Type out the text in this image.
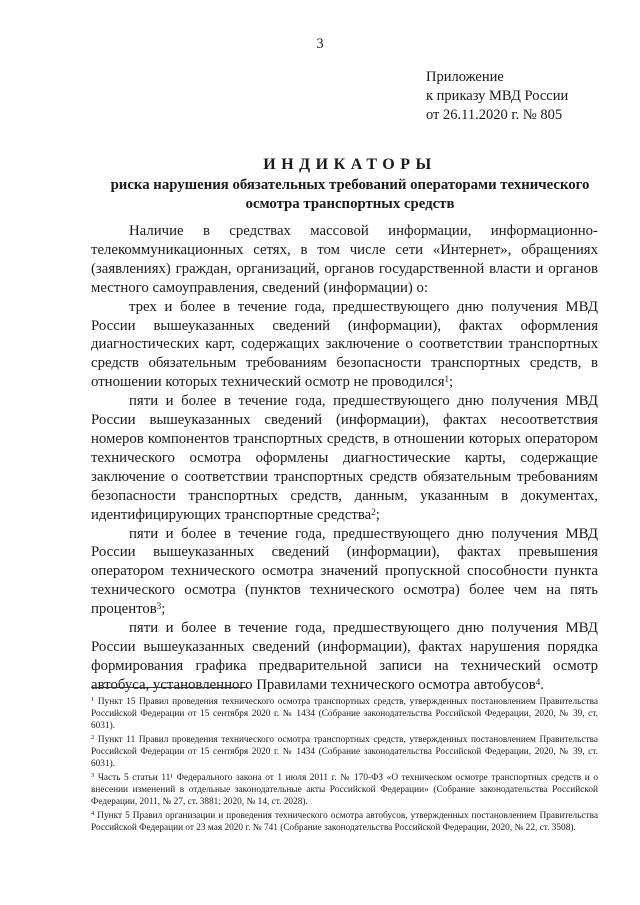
3
Приложение
к приказу МВД России
от 26.11.2020 г. № 805
ИНДИКАТОРЫ
риска нарушения обязательных требований операторами технического
осмотра транспортных средств

Наличие в средствах массовой информации, информационно-телекоммуникационных сетях, в том числе сети «Интернет», обращениях (заявлениях) граждан, организаций, органов государственной власти и органов местного самоуправления, сведений (информации) о:

трех и более в течение года, предшествующего дню получения МВД России вышеуказанных сведений (информации), фактах оформления диагностических карт, содержащих заключение о соответствии транспортных средств обязательным требованиям безопасности транспортных средств, в отношении которых технический осмотр не проводился$^1$;

пяти и более в течение года, предшествующего дню получения МВД России вышеуказанных сведений (информации), фактах несоответствия номеров компонентов транспортных средств, в отношении которых оператором технического осмотра оформлены диагностические карты, содержащие заключение о соответствии транспортных средств обязательным требованиям безопасности транспортных средств, данным, указанным в документах, идентифицирующих транспортные средства$^2$;

пяти и более в течение года, предшествующего дню получения МВД России вышеуказанных сведений (информации), фактах превышения оператором технического осмотра значений пропускной способности пункта технического осмотра (пунктов технического осмотра) более чем на пять процентов$^3$;

пяти и более в течение года, предшествующего дню получения МВД России вышеуказанных сведений (информации), фактах нарушения порядка формирования графика предварительной записи на технический осмотр автобуса, установленного Правилами технического осмотра автобусов$^4$.

$^1$ Пункт 15 Правил проведения технического осмотра транспортных средств, утвержденных постановлением Правительства Российской Федерации от 15 сентября 2020 г. № 1434 (Собрание законодательства Российской Федерации, 2020, № 39, ст. 6031).
$^2$ Пункт 11 Правил проведения технического осмотра транспортных средств, утвержденных постановлением Правительства Российской Федерации от 15 сентября 2020 г. № 1434 (Собрание законодательства Российской Федерации, 2020, № 39, ст. 6031).
$^3$ Часть 5 статьи 11¹ Федерального закона от 1 июля 2011 г. № 170-ФЗ «О техническом осмотре транспортных средств и о внесении изменений в отдельные законодательные акты Российской Федерации» (Собрание законодательства Российской Федерации, 2011, № 27, ст. 3881; 2020, № 14, ст. 2028).
$^4$ Пункт 5 Правил организации и проведения технического осмотра автобусов, утвержденных постановлением Правительства Российской Федерации от 23 мая 2020 г. № 741 (Собрание законодательства Российской Федерации, 2020, № 22, ст. 3508).
